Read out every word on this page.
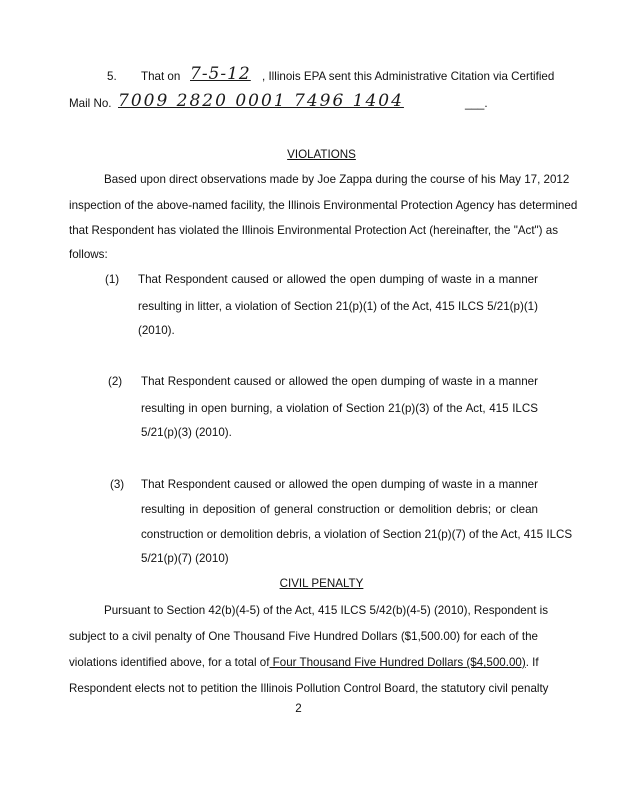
5. That on 7-5-12 , Illinois EPA sent this Administrative Citation via Certified
Mail No. 7009 2820 0001 7496 1404	___.
VIOLATIONS
Based upon direct observations made by Joe Zappa during the course of his May 17, 2012
inspection of the above-named facility, the Illinois Environmental Protection Agency has determined
that Respondent has violated the Illinois Environmental Protection Act (hereinafter, the "Act") as
follows:
(1) That Respondent caused or allowed the open dumping of waste in a manner
resulting in litter, a violation of Section 21(p)(1) of the Act, 415 ILCS 5/21(p)(1)
(2010).
(2) That Respondent caused or allowed the open dumping of waste in a manner
resulting in open burning, a violation of Section 21(p)(3) of the Act, 415 ILCS
5/21(p)(3) (2010).
(3) That Respondent caused or allowed the open dumping of waste in a manner
resulting in deposition of general construction or demolition debris; or clean
construction or demolition debris, a violation of Section 21(p)(7) of the Act, 415 ILCS
5/21(p)(7) (2010)
CIVIL PENALTY
Pursuant to Section 42(b)(4-5) of the Act, 415 ILCS 5/42(b)(4-5) (2010), Respondent is
subject to a civil penalty of One Thousand Five Hundred Dollars ($1,500.00) for each of the
violations identified above, for a total of Four Thousand Five Hundred Dollars ($4,500.00) . If
Respondent elects not to petition the Illinois Pollution Control Board, the statutory civil penalty
2
